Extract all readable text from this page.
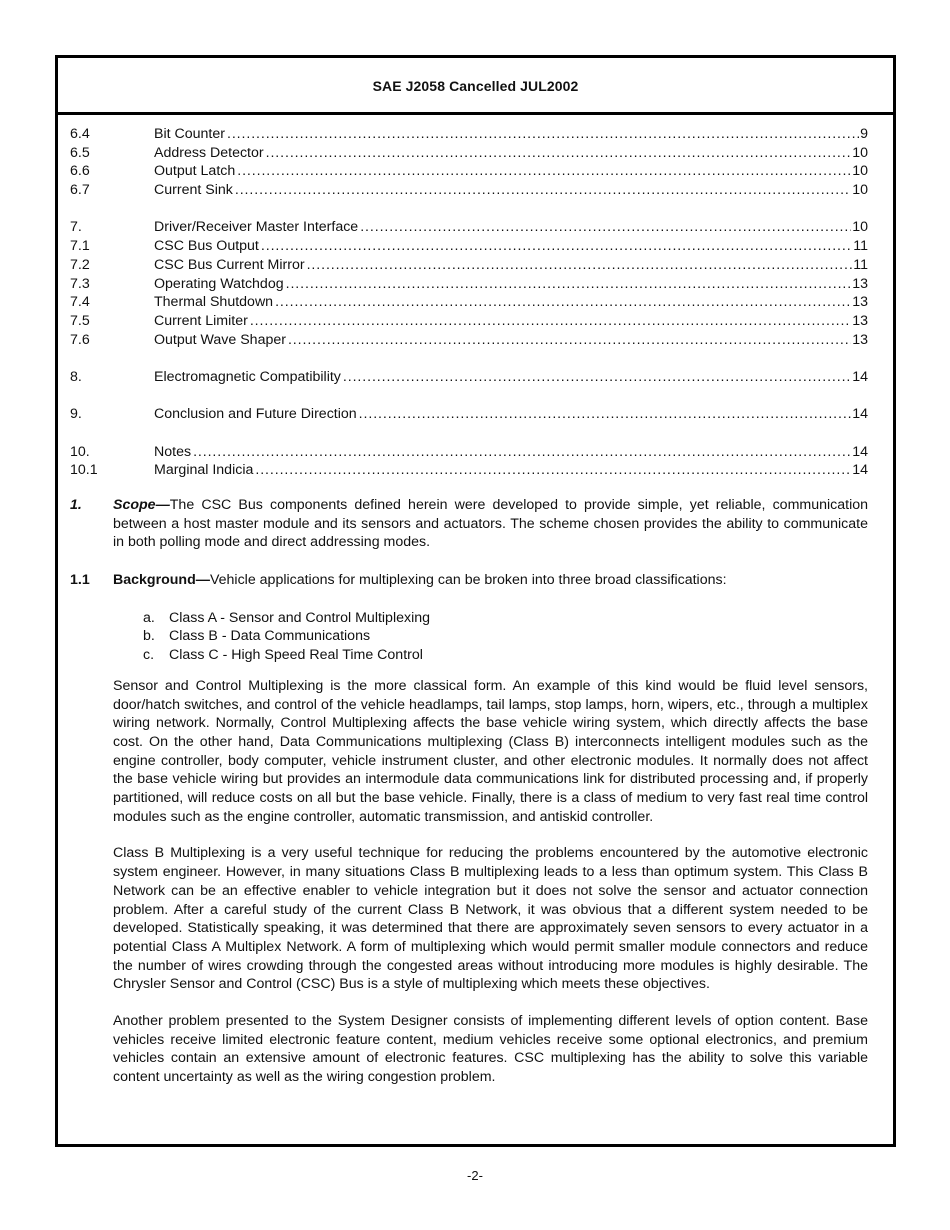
SAE J2058 Cancelled JUL2002
6.4	Bit Counter .....	9
6.5	Address Detector .....	10
6.6	Output Latch .....	10
6.7	Current Sink .....	10
7.	Driver/Receiver Master Interface .....	10
7.1	CSC Bus Output .....	11
7.2	CSC Bus Current Mirror .....	11
7.3	Operating Watchdog .....	13
7.4	Thermal Shutdown .....	13
7.5	Current Limiter .....	13
7.6	Output Wave Shaper .....	13
8.	Electromagnetic Compatibility .....	14
9.	Conclusion and Future Direction .....	14
10.	Notes .....	14
10.1	Marginal Indicia .....	14
1.	Scope—The CSC Bus components defined herein were developed to provide simple, yet reliable, communication between a host master module and its sensors and actuators. The scheme chosen provides the ability to communicate in both polling mode and direct addressing modes.
1.1	Background—Vehicle applications for multiplexing can be broken into three broad classifications:
a. Class A - Sensor and Control Multiplexing
b. Class B - Data Communications
c.	Class C - High Speed Real Time Control

Sensor and Control Multiplexing is the more classical form. An example of this kind would be fluid level sensors, door/hatch switches, and control of the vehicle headlamps, tail lamps, stop lamps, horn, wipers, etc., through a multiplex wiring network. Normally, Control Multiplexing affects the base vehicle wiring system, which directly affects the base cost. On the other hand, Data Communications multiplexing (Class B) interconnects intelligent modules such as the engine controller, body computer, vehicle instrument cluster, and other electronic modules. It normally does not affect the base vehicle wiring but provides an intermodule data communications link for distributed processing and, if properly partitioned, will reduce costs on all but the base vehicle. Finally, there is a class of medium to very fast real time control modules such as the engine controller, automatic transmission, and antiskid controller.

Class B Multiplexing is a very useful technique for reducing the problems encountered by the automotive electronic system engineer. However, in many situations Class B multiplexing leads to a less than optimum system. This Class B Network can be an effective enabler to vehicle integration but it does not solve the sensor and actuator connection problem. After a careful study of the current Class B Network, it was obvious that a different system needed to be developed. Statistically speaking, it was determined that there are approximately seven sensors to every actuator in a potential Class A Multiplex Network. A form of multiplexing which would permit smaller module connectors and reduce the number of wires crowding through the congested areas without introducing more modules is highly desirable. The Chrysler Sensor and Control (CSC) Bus is a style of multiplexing which meets these objectives.

Another problem presented to the System Designer consists of implementing different levels of option content. Base vehicles receive limited electronic feature content, medium vehicles receive some optional electronics, and premium vehicles contain an extensive amount of electronic features. CSC multiplexing has the ability to solve this variable content uncertainty as well as the wiring congestion problem.

-2-
